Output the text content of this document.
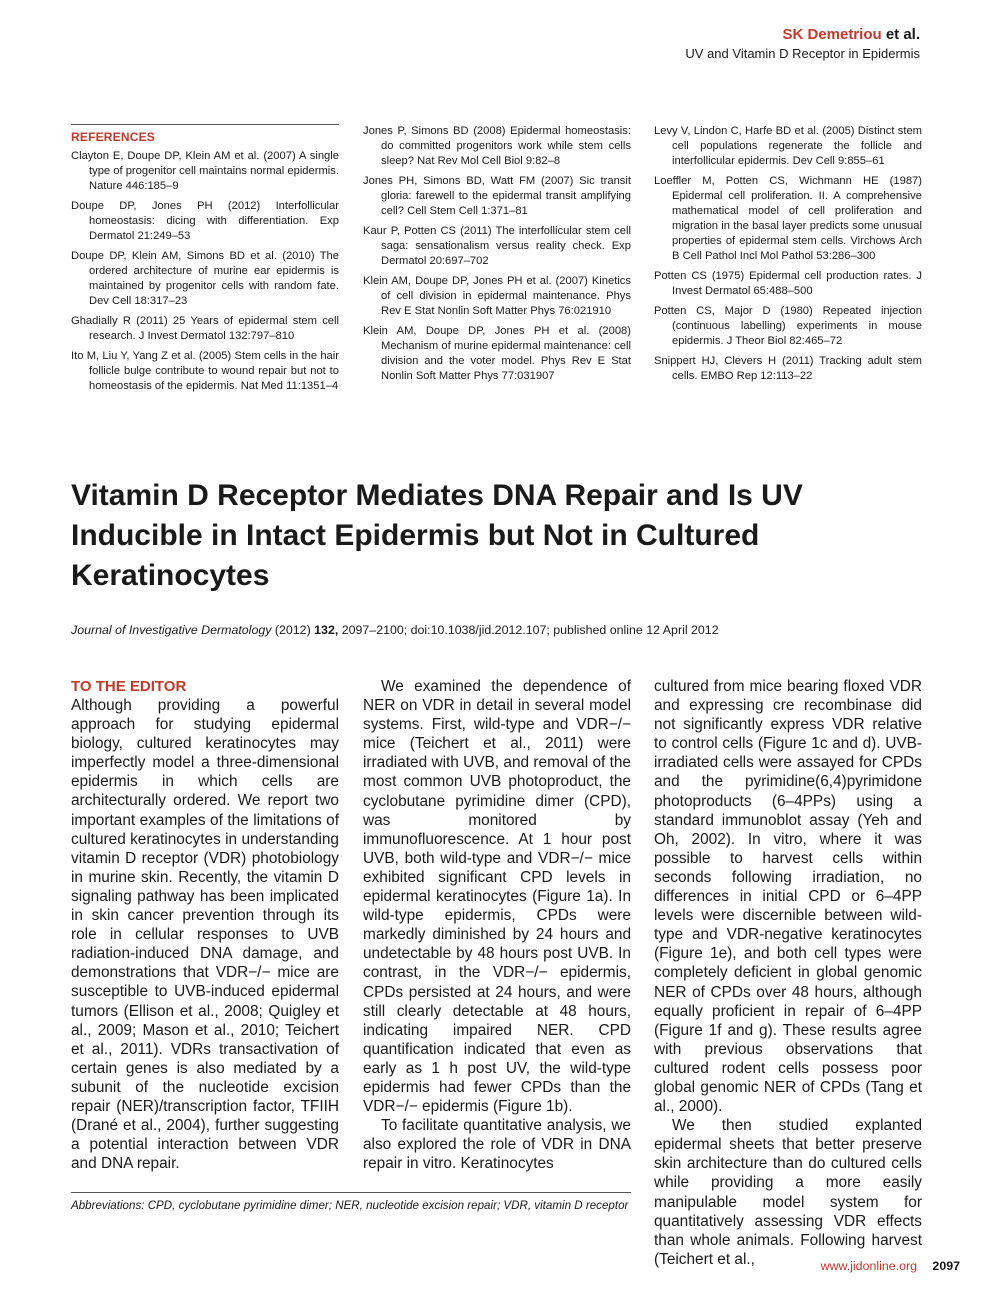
SK Demetriou et al.
UV and Vitamin D Receptor in Epidermis
REFERENCES
Clayton E, Doupe DP, Klein AM et al. (2007) A single type of progenitor cell maintains normal epidermis. Nature 446:185–9
Doupe DP, Jones PH (2012) Interfollicular homeostasis: dicing with differentiation. Exp Dermatol 21:249–53
Doupe DP, Klein AM, Simons BD et al. (2010) The ordered architecture of murine ear epidermis is maintained by progenitor cells with random fate. Dev Cell 18:317–23
Ghadially R (2011) 25 Years of epidermal stem cell research. J Invest Dermatol 132:797–810
Ito M, Liu Y, Yang Z et al. (2005) Stem cells in the hair follicle bulge contribute to wound repair but not to homeostasis of the epidermis. Nat Med 11:1351–4
Jones P, Simons BD (2008) Epidermal homeostasis: do committed progenitors work while stem cells sleep? Nat Rev Mol Cell Biol 9:82–8
Jones PH, Simons BD, Watt FM (2007) Sic transit gloria: farewell to the epidermal transit amplifying cell? Cell Stem Cell 1:371–81
Kaur P, Potten CS (2011) The interfollicular stem cell saga: sensationalism versus reality check. Exp Dermatol 20:697–702
Klein AM, Doupe DP, Jones PH et al. (2007) Kinetics of cell division in epidermal maintenance. Phys Rev E Stat Nonlin Soft Matter Phys 76:021910
Klein AM, Doupe DP, Jones PH et al. (2008) Mechanism of murine epidermal maintenance: cell division and the voter model. Phys Rev E Stat Nonlin Soft Matter Phys 77:031907
Levy V, Lindon C, Harfe BD et al. (2005) Distinct stem cell populations regenerate the follicle and interfollicular epidermis. Dev Cell 9:855–61
Loeffler M, Potten CS, Wichmann HE (1987) Epidermal cell proliferation. II. A comprehensive mathematical model of cell proliferation and migration in the basal layer predicts some unusual properties of epidermal stem cells. Virchows Arch B Cell Pathol Incl Mol Pathol 53:286–300
Potten CS (1975) Epidermal cell production rates. J Invest Dermatol 65:488–500
Potten CS, Major D (1980) Repeated injection (continuous labelling) experiments in mouse epidermis. J Theor Biol 82:465–72
Snippert HJ, Clevers H (2011) Tracking adult stem cells. EMBO Rep 12:113–22
Vitamin D Receptor Mediates DNA Repair and Is UV Inducible in Intact Epidermis but Not in Cultured Keratinocytes
Journal of Investigative Dermatology (2012) 132, 2097–2100; doi:10.1038/jid.2012.107; published online 12 April 2012
TO THE EDITOR

Although providing a powerful approach for studying epidermal biology, cultured keratinocytes may imperfectly model a three-dimensional epidermis in which cells are architecturally ordered. We report two important examples of the limitations of cultured keratinocytes in understanding vitamin D receptor (VDR) photobiology in murine skin. Recently, the vitamin D signaling pathway has been implicated in skin cancer prevention through its role in cellular responses to UVB radiation-induced DNA damage, and demonstrations that VDR−/− mice are susceptible to UVB-induced epidermal tumors (Ellison et al., 2008; Quigley et al., 2009; Mason et al., 2010; Teichert et al., 2011). VDRs transactivation of certain genes is also mediated by a subunit of the nucleotide excision repair (NER)/transcription factor, TFIIH (Drané et al., 2004), further suggesting a potential interaction between VDR and DNA repair.

We examined the dependence of NER on VDR in detail in several model systems. First, wild-type and VDR−/− mice (Teichert et al., 2011) were irradiated with UVB, and removal of the most common UVB photoproduct, the cyclobutane pyrimidine dimer (CPD), was monitored by immunofluorescence. At 1 hour post UVB, both wild-type and VDR−/− mice exhibited significant CPD levels in epidermal keratinocytes (Figure 1a). In wild-type epidermis, CPDs were markedly diminished by 24 hours and undetectable by 48 hours post UVB. In contrast, in the VDR−/− epidermis, CPDs persisted at 24 hours, and were still clearly detectable at 48 hours, indicating impaired NER. CPD quantification indicated that even as early as 1 h post UV, the wild-type epidermis had fewer CPDs than the VDR−/− epidermis (Figure 1b).

To facilitate quantitative analysis, we also explored the role of VDR in DNA repair in vitro. Keratinocytes

cultured from mice bearing floxed VDR and expressing cre recombinase did not significantly express VDR relative to control cells (Figure 1c and d). UVB-irradiated cells were assayed for CPDs and the pyrimidine(6,4)pyrimidone photoproducts (6–4PPs) using a standard immunoblot assay (Yeh and Oh, 2002). In vitro, where it was possible to harvest cells within seconds following irradiation, no differences in initial CPD or 6–4PP levels were discernible between wild-type and VDR-negative keratinocytes (Figure 1e), and both cell types were completely deficient in global genomic NER of CPDs over 48 hours, although equally proficient in repair of 6–4PP (Figure 1f and g). These results agree with previous observations that cultured rodent cells possess poor global genomic NER of CPDs (Tang et al., 2000).

We then studied explanted epidermal sheets that better preserve skin architecture than do cultured cells while providing a more easily manipulable model system for quantitatively assessing VDR effects than whole animals. Following harvest (Teichert et al.,

Abbreviations: CPD, cyclobutane pyrimidine dimer; NER, nucleotide excision repair; VDR, vitamin D receptor
www.jidonline.org 2097
